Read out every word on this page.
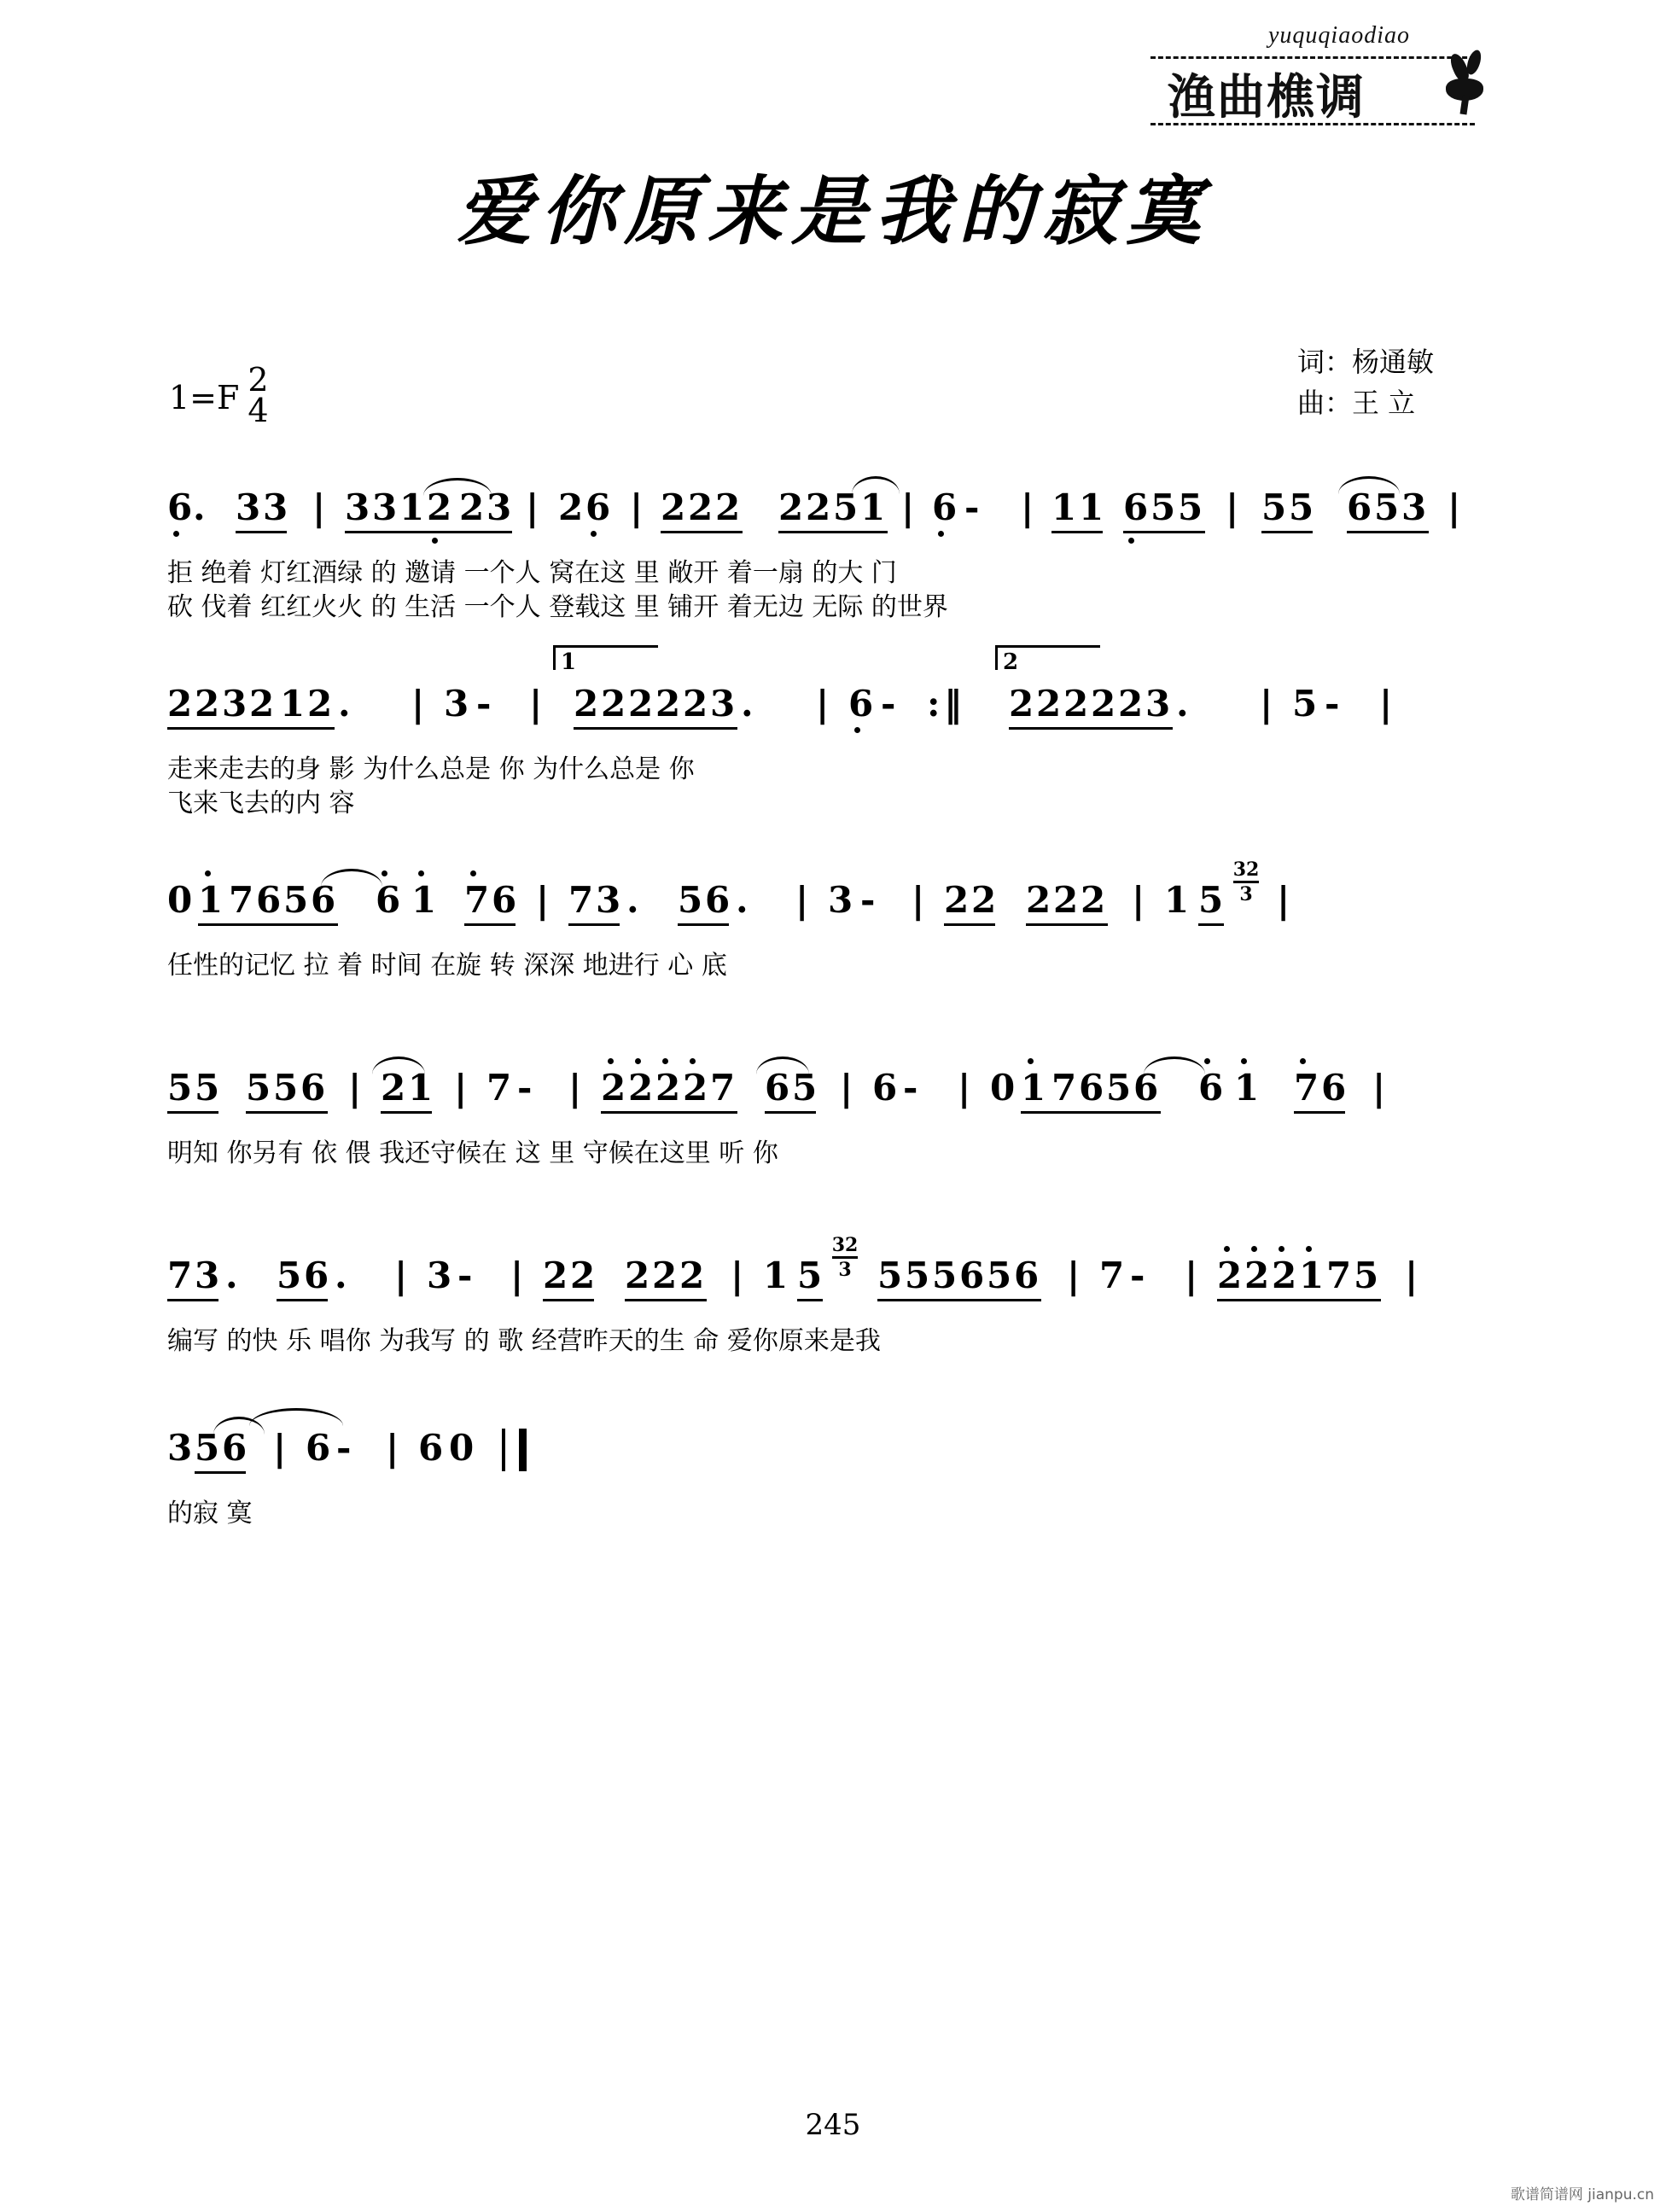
yuquqiaodiao
渔曲樵调
爱你原来是我的寂寞
词：杨通敏
曲：王 立
1=F 2
4
6 . 3 3 | 3 3 1 2 2 3 | 2 6 | 2 2 2 2 2 5 1 | 6 - | 1 1 6 5 5 | 5 5 6 5 3 |
拒 绝着 灯红酒绿 的 邀请 一个人 窝在这 里 敞开 着一扇 的大 门
砍 伐着 红红火火 的 生活 一个人 登载这 里 铺开 着无边 无际 的世界
1	2
2 2 3 2 1 2 . | 3 - | 2 2 2 2 2 3 . | 6 - : ‖ 2 2 2 2 2 3 . | 5 - |
走来走去的身 影 为什么总是 你 为什么总是 你
飞来飞去的内 容
0 1 7 6 5 6 6 1 7 6 | 7 3 . 5 6 . | 3 - | 2 2 2 2 2 | 1 5
32
3 |
任性的记忆 拉 着 时间 在旋 转 深深 地进行 心 底
5 5 5 5 6 | 2 1 | 7 - | 2 2 2 2 7 6 5 | 6 - | 0 1 7 6 5 6 6 1 7 6 |
明知 你另有 依 偎 我还守候在 这 里 守候在这里 听 你
7 3 . 5 6 . | 3 - | 2 2 2 2 2 | 1 5
32
3 5 5 5 6 5 6 | 7 - | 2 2 2 1 7 5 |
编写 的快 乐 唱你 为我写 的 歌 经营昨天的生 命 爱你原来是我
3 5 6 | 6 - | 6 0
的寂 寞
245
歌谱简谱网 jianpu.cn
